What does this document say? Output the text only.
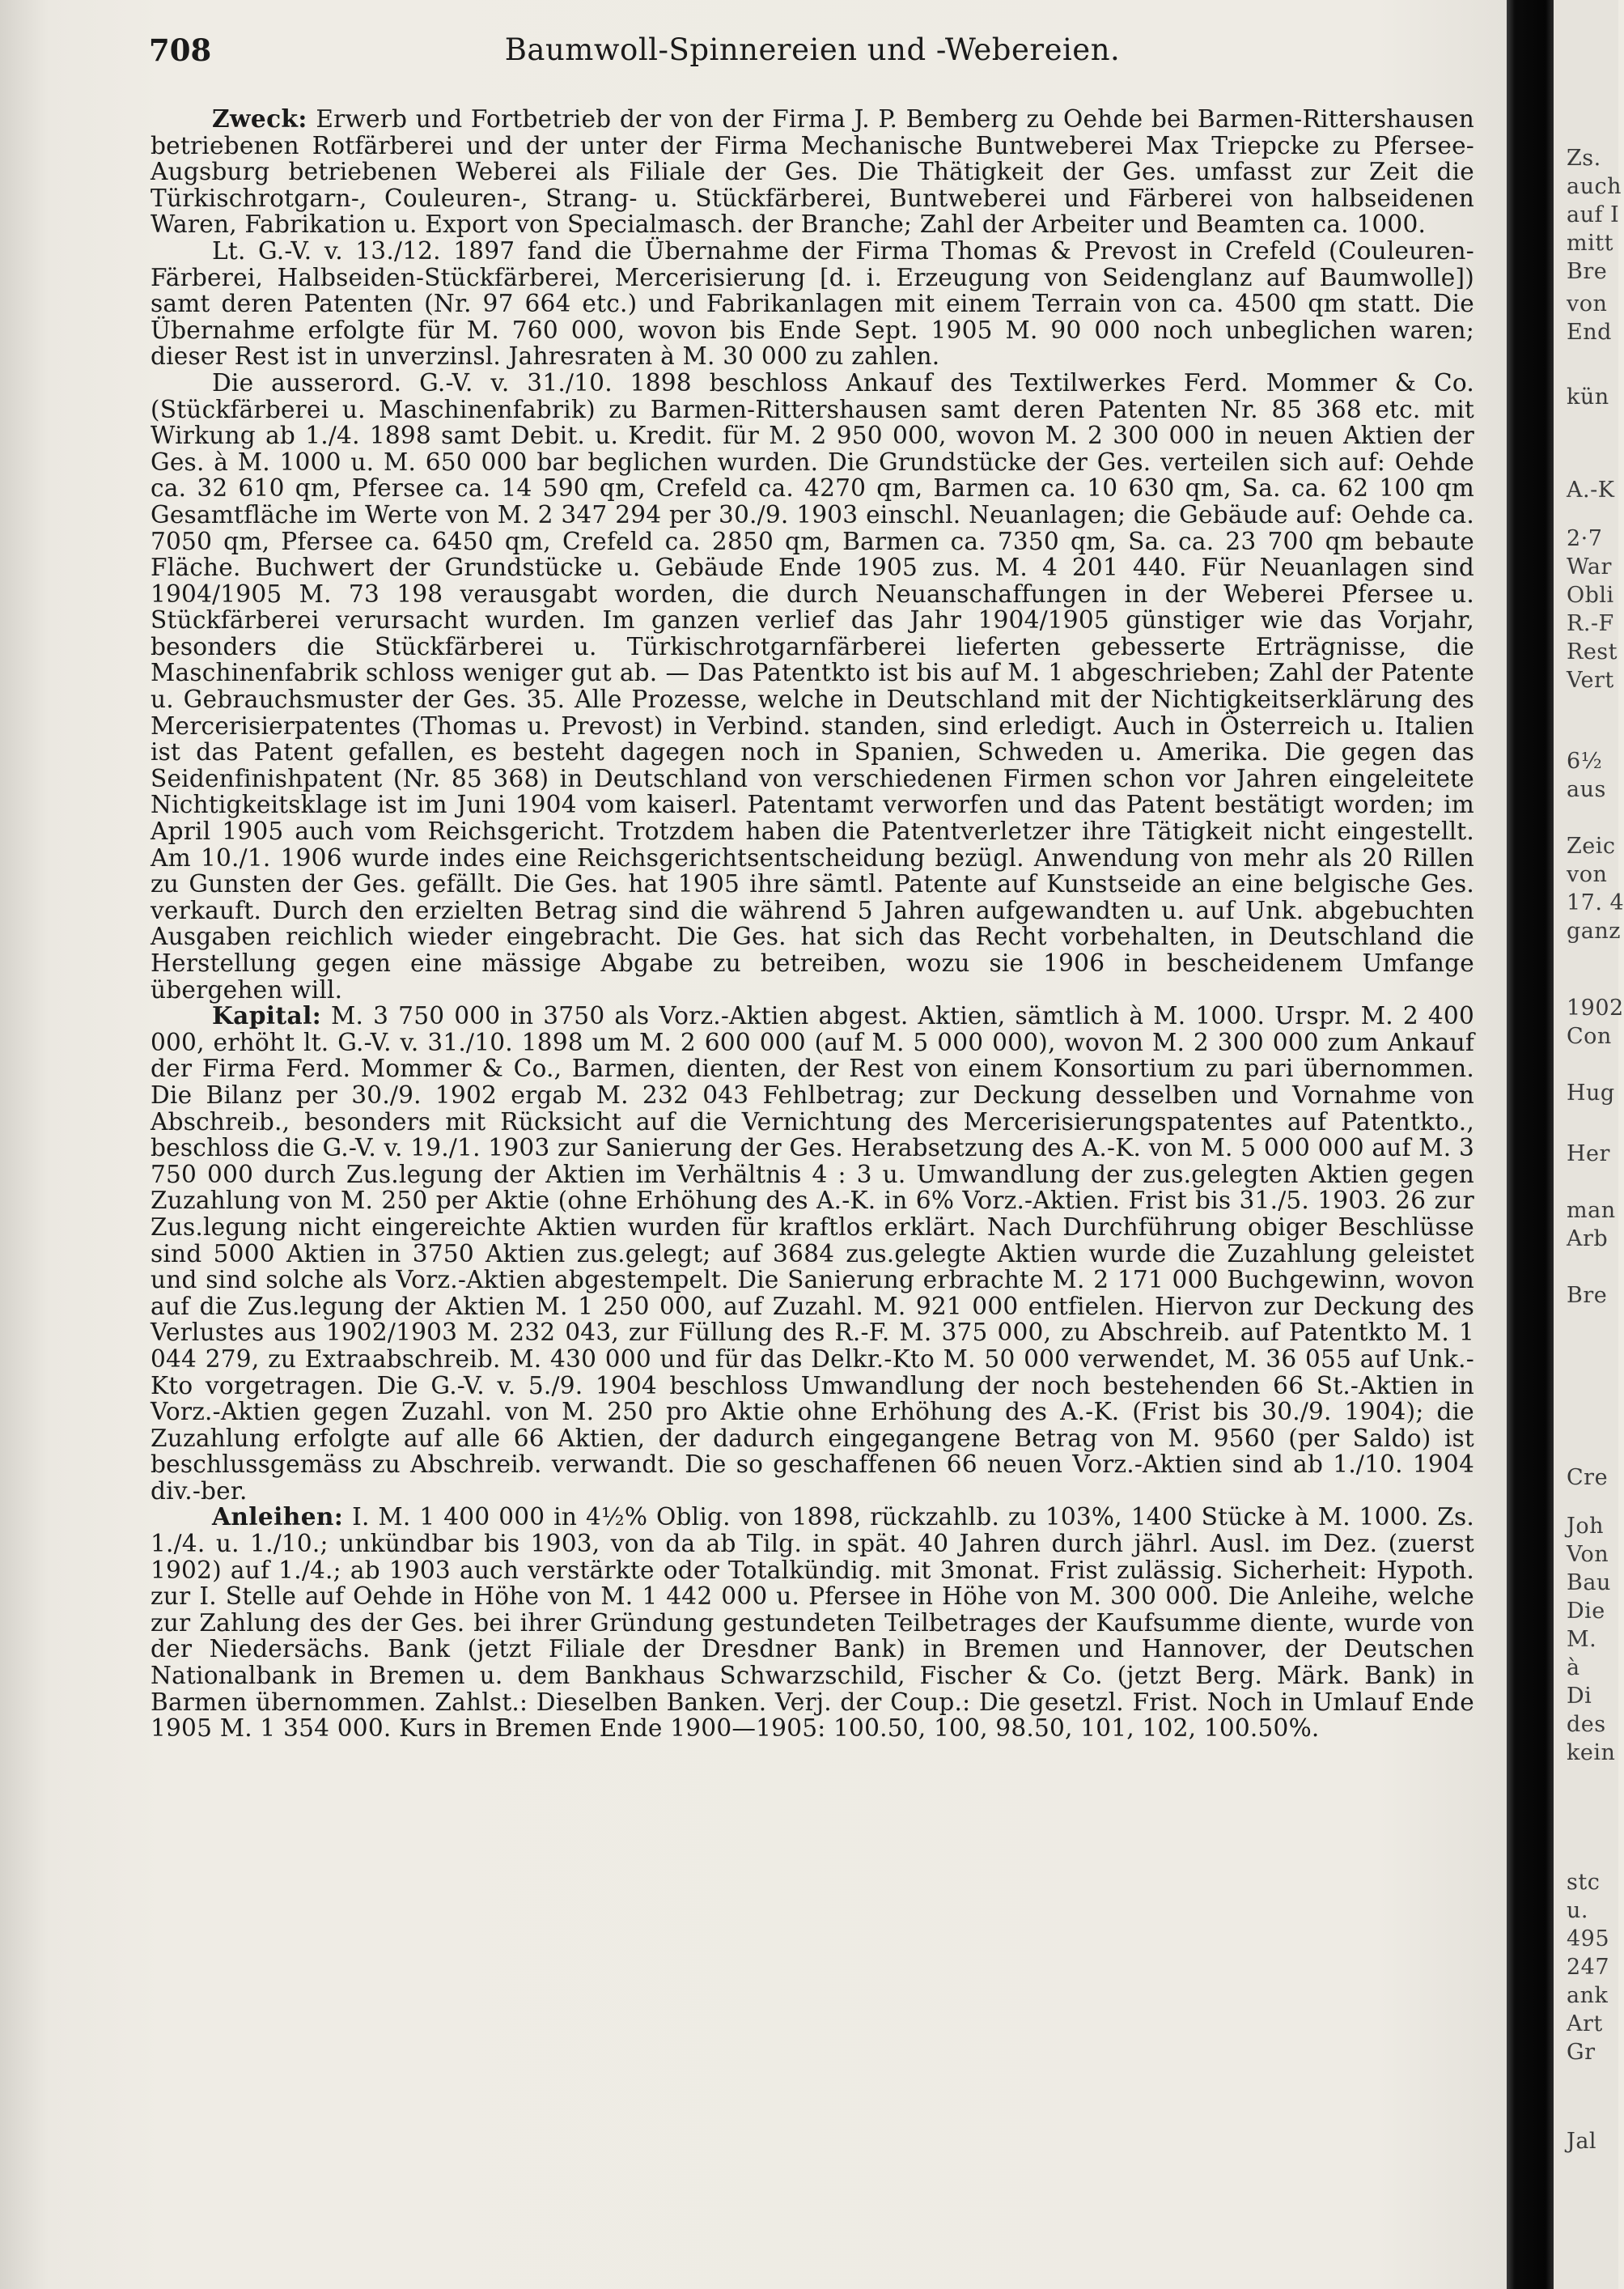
708	Baumwoll-Spinnereien und -Webereien.

Zweck: Erwerb und Fortbetrieb der von der Firma J. P. Bemberg zu Oehde bei Barmen-Rittershausen betriebenen Rotfärberei und der unter der Firma Mechanische Buntweberei Max Triepcke zu Pfersee-Augsburg betriebenen Weberei als Filiale der Ges. Die Thätigkeit der Ges. umfasst zur Zeit die Türkischrotgarn-, Couleuren-, Strang- u. Stückfärberei, Buntweberei und Färberei von halbseidenen Waren, Fabrikation u. Export von Specialmasch. der Branche; Zahl der Arbeiter und Beamten ca. 1000.

Lt. G.-V. v. 13./12. 1897 fand die Übernahme der Firma Thomas & Prevost in Crefeld (Couleuren-Färberei, Halbseiden-Stückfärberei, Mercerisierung [d. i. Erzeugung von Seidenglanz auf Baumwolle]) samt deren Patenten (Nr. 97 664 etc.) und Fabrikanlagen mit einem Terrain von ca. 4500 qm statt. Die Übernahme erfolgte für M. 760 000, wovon bis Ende Sept. 1905 M. 90 000 noch unbeglichen waren; dieser Rest ist in unverzinsl. Jahresraten à M. 30 000 zu zahlen.

Die ausserord. G.-V. v. 31./10. 1898 beschloss Ankauf des Textilwerkes Ferd. Mommer & Co. (Stückfärberei u. Maschinenfabrik) zu Barmen-Rittershausen samt deren Patenten Nr. 85 368 etc. mit Wirkung ab 1./4. 1898 samt Debit. u. Kredit. für M. 2 950 000, wovon M. 2 300 000 in neuen Aktien der Ges. à M. 1000 u. M. 650 000 bar beglichen wurden. Die Grundstücke der Ges. verteilen sich auf: Oehde ca. 32 610 qm, Pfersee ca. 14 590 qm, Crefeld ca. 4270 qm, Barmen ca. 10 630 qm, Sa. ca. 62 100 qm Gesamtfläche im Werte von M. 2 347 294 per 30./9. 1903 einschl. Neuanlagen; die Gebäude auf: Oehde ca. 7050 qm, Pfersee ca. 6450 qm, Crefeld ca. 2850 qm, Barmen ca. 7350 qm, Sa. ca. 23 700 qm bebaute Fläche. Buchwert der Grundstücke u. Gebäude Ende 1905 zus. M. 4 201 440. Für Neuanlagen sind 1904/1905 M. 73 198 verausgabt worden, die durch Neuanschaffungen in der Weberei Pfersee u. Stückfärberei verursacht wurden. Im ganzen verlief das Jahr 1904/1905 günstiger wie das Vorjahr, besonders die Stückfärberei u. Türkischrotgarnfärberei lieferten gebesserte Erträgnisse, die Maschinenfabrik schloss weniger gut ab. — Das Patentkto ist bis auf M. 1 abgeschrieben; Zahl der Patente u. Gebrauchsmuster der Ges. 35. Alle Prozesse, welche in Deutschland mit der Nichtigkeitserklärung des Mercerisierpatentes (Thomas u. Prevost) in Verbind. standen, sind erledigt. Auch in Österreich u. Italien ist das Patent gefallen, es besteht dagegen noch in Spanien, Schweden u. Amerika. Die gegen das Seidenfinishpatent (Nr. 85 368) in Deutschland von verschiedenen Firmen schon vor Jahren eingeleitete Nichtigkeitsklage ist im Juni 1904 vom kaiserl. Patentamt verworfen und das Patent bestätigt worden; im April 1905 auch vom Reichsgericht. Trotzdem haben die Patentverletzer ihre Tätigkeit nicht eingestellt. Am 10./1. 1906 wurde indes eine Reichsgerichtsentscheidung bezügl. Anwendung von mehr als 20 Rillen zu Gunsten der Ges. gefällt. Die Ges. hat 1905 ihre sämtl. Patente auf Kunstseide an eine belgische Ges. verkauft. Durch den erzielten Betrag sind die während 5 Jahren aufgewandten u. auf Unk. abgebuchten Ausgaben reichlich wieder eingebracht. Die Ges. hat sich das Recht vorbehalten, in Deutschland die Herstellung gegen eine mässige Abgabe zu betreiben, wozu sie 1906 in bescheidenem Umfange übergehen will.

Kapital: M. 3 750 000 in 3750 als Vorz.-Aktien abgest. Aktien, sämtlich à M. 1000. Urspr. M. 2 400 000, erhöht lt. G.-V. v. 31./10. 1898 um M. 2 600 000 (auf M. 5 000 000), wovon M. 2 300 000 zum Ankauf der Firma Ferd. Mommer & Co., Barmen, dienten, der Rest von einem Konsortium zu pari übernommen. Die Bilanz per 30./9. 1902 ergab M. 232 043 Fehlbetrag; zur Deckung desselben und Vornahme von Abschreib., besonders mit Rücksicht auf die Vernichtung des Mercerisierungspatentes auf Patentkto., beschloss die G.-V. v. 19./1. 1903 zur Sanierung der Ges. Herabsetzung des A.-K. von M. 5 000 000 auf M. 3 750 000 durch Zus.legung der Aktien im Verhältnis 4 : 3 u. Umwandlung der zus.gelegten Aktien gegen Zuzahlung von M. 250 per Aktie (ohne Erhöhung des A.-K. in 6% Vorz.-Aktien. Frist bis 31./5. 1903. 26 zur Zus.legung nicht eingereichte Aktien wurden für kraftlos erklärt. Nach Durchführung obiger Beschlüsse sind 5000 Aktien in 3750 Aktien zus.gelegt; auf 3684 zus.gelegte Aktien wurde die Zuzahlung geleistet und sind solche als Vorz.-Aktien abgestempelt. Die Sanierung erbrachte M. 2 171 000 Buchgewinn, wovon auf die Zus.legung der Aktien M. 1 250 000, auf Zuzahl. M. 921 000 entfielen. Hiervon zur Deckung des Verlustes aus 1902/1903 M. 232 043, zur Füllung des R.-F. M. 375 000, zu Abschreib. auf Patentkto M. 1 044 279, zu Extraabschreib. M. 430 000 und für das Delkr.-Kto M. 50 000 verwendet, M. 36 055 auf Unk.-Kto vorgetragen. Die G.-V. v. 5./9. 1904 beschloss Umwandlung der noch bestehenden 66 St.-Aktien in Vorz.-Aktien gegen Zuzahl. von M. 250 pro Aktie ohne Erhöhung des A.-K. (Frist bis 30./9. 1904); die Zuzahlung erfolgte auf alle 66 Aktien, der dadurch eingegangene Betrag von M. 9560 (per Saldo) ist beschlussgemäss zu Abschreib. verwandt. Die so geschaffenen 66 neuen Vorz.-Aktien sind ab 1./10. 1904 div.-ber.

Anleihen: I. M. 1 400 000 in 4½% Oblig. von 1898, rückzahlb. zu 103%, 1400 Stücke à M. 1000. Zs. 1./4. u. 1./10.; unkündbar bis 1903, von da ab Tilg. in spät. 40 Jahren durch jährl. Ausl. im Dez. (zuerst 1902) auf 1./4.; ab 1903 auch verstärkte oder Totalkündig. mit 3monat. Frist zulässig. Sicherheit: Hypoth. zur I. Stelle auf Oehde in Höhe von M. 1 442 000 u. Pfersee in Höhe von M. 300 000. Die Anleihe, welche zur Zahlung des der Ges. bei ihrer Gründung gestundeten Teilbetrages der Kaufsumme diente, wurde von der Niedersächs. Bank (jetzt Filiale der Dresdner Bank) in Bremen und Hannover, der Deutschen Nationalbank in Bremen u. dem Bankhaus Schwarzschild, Fischer & Co. (jetzt Berg. Märk. Bank) in Barmen übernommen. Zahlst.: Dieselben Banken. Verj. der Coup.: Die gesetzl. Frist. Noch in Umlauf Ende 1905 M. 1 354 000. Kurs in Bremen Ende 1900—1905: 100.50, 100, 98.50, 101, 102, 100.50%.

Zs.
auch
auf I
mitt
Bre
von
End
kün
A.-K
2·7
War
Obli
R.-F
Rest
Vert
6½
aus
Zeic
von
17. 4
ganz
1902
Con
Hug
Her
man
Arb
Bre
Cre
Joh
Von
Bau
Die
M.
à
Di
des
kein
stc
u.
495
247
ank
Art
Gr
Jal
